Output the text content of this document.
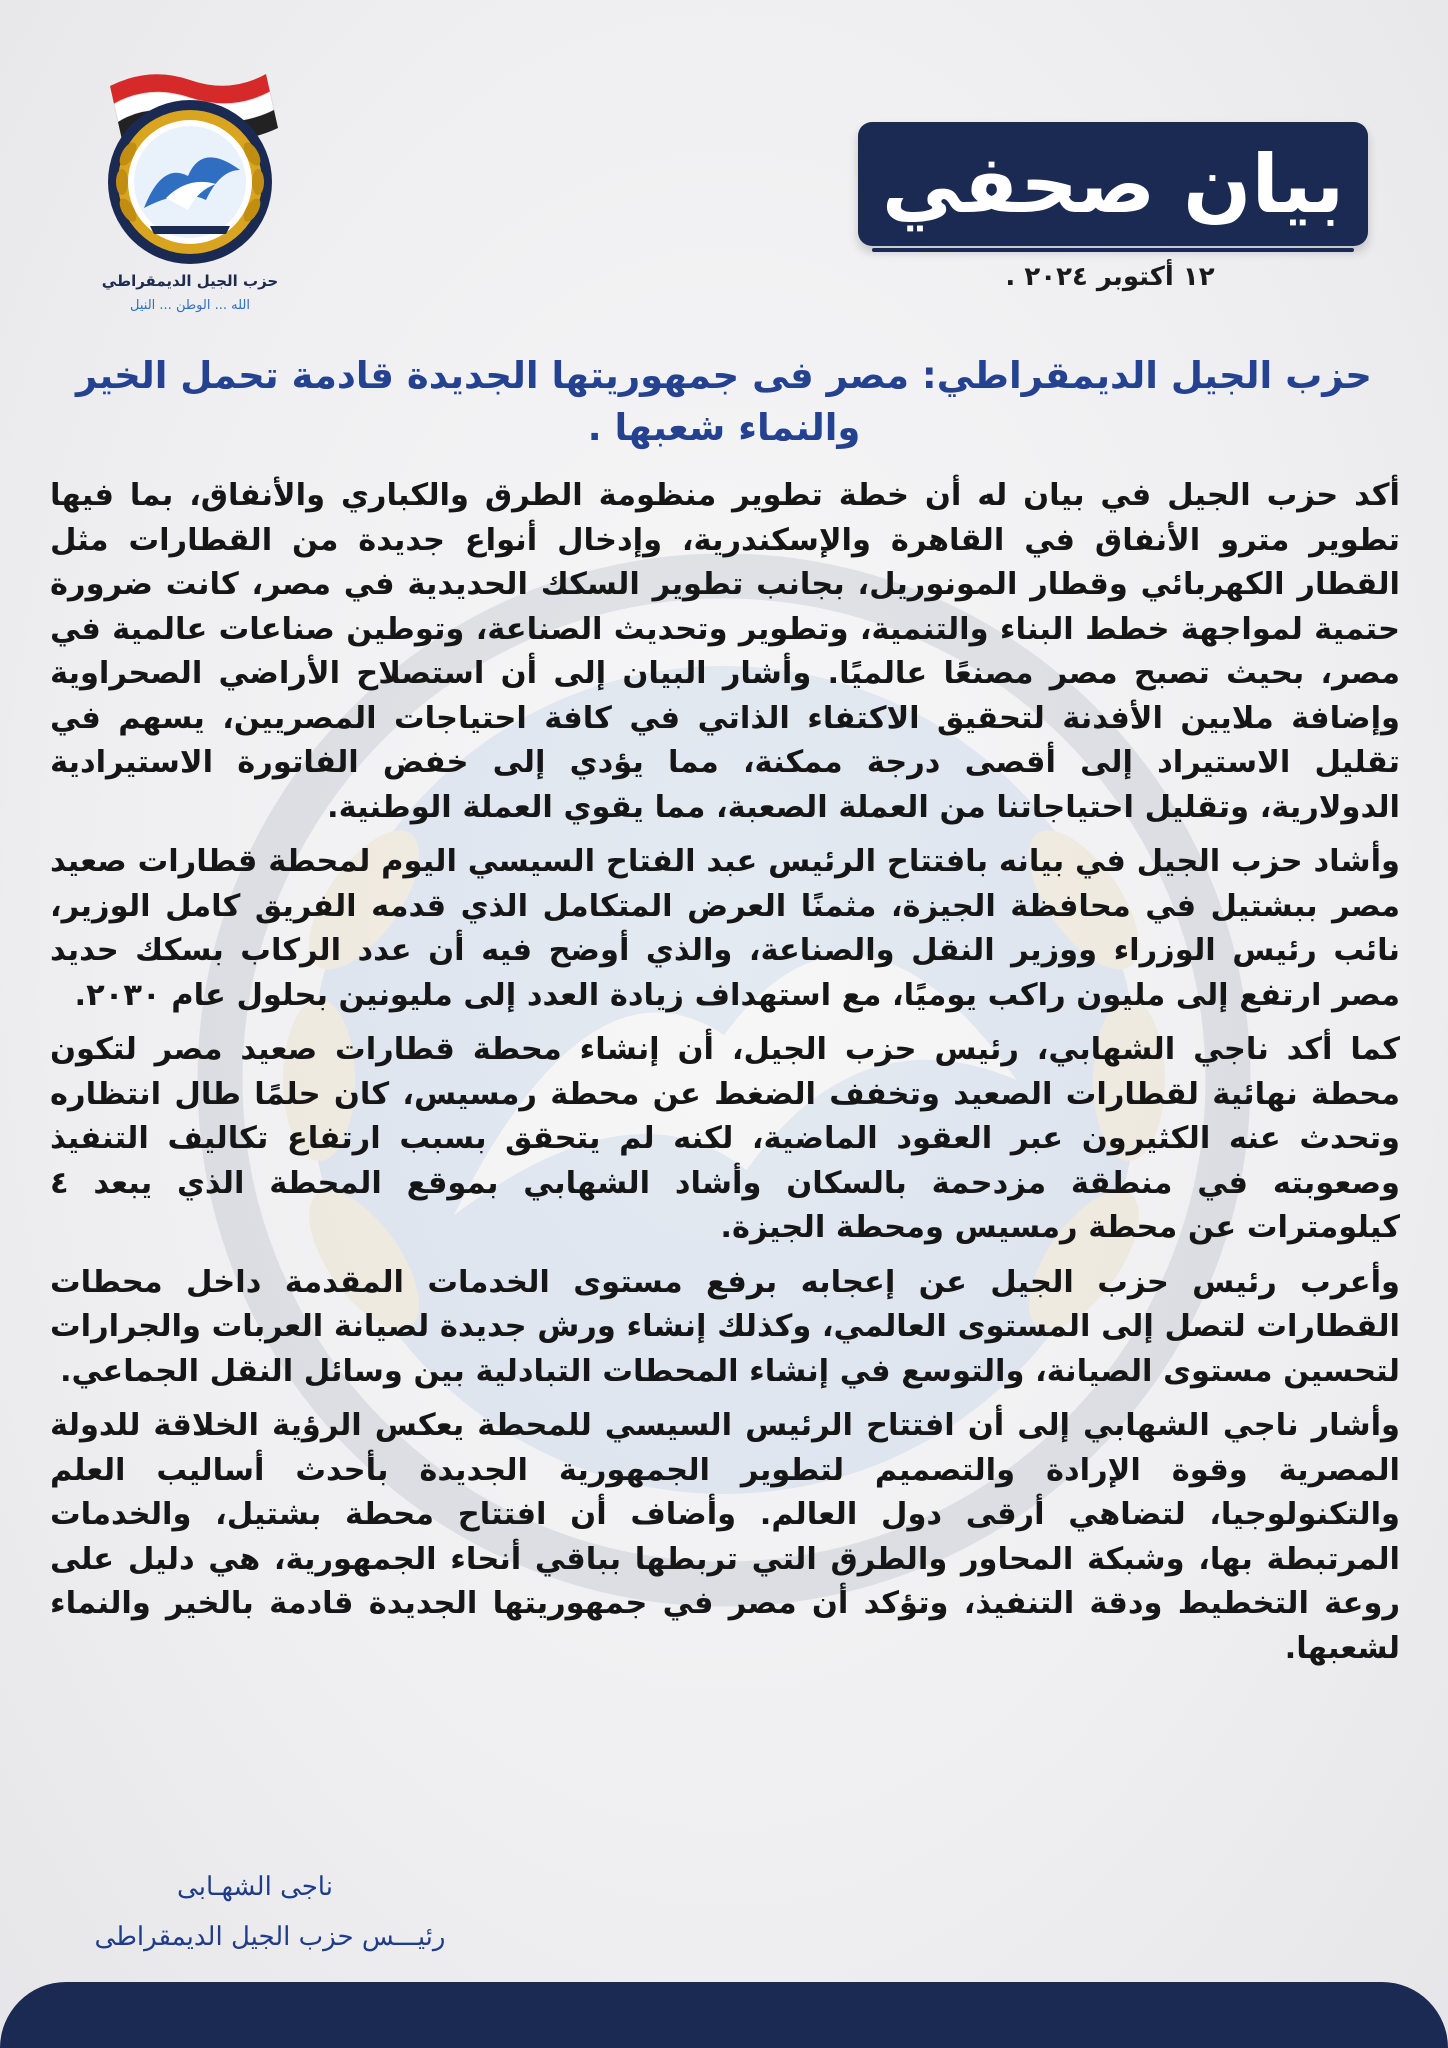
حزب الجيل الديمقراطي
الله ... الوطن ... النيل
بيان صحفي
١٢ أكتوبر ٢٠٢٤ .
حزب الجيل الديمقراطي: مصر فى جمهوريتها الجديدة قادمة تحمل الخير والنماء شعبها .

أكد حزب الجيل في بيان له أن خطة تطوير منظومة الطرق والكباري والأنفاق، بما فيها تطوير مترو الأنفاق في القاهرة والإسكندرية، وإدخال أنواع جديدة من القطارات مثل القطار الكهربائي وقطار المونوريل، بجانب تطوير السكك الحديدية في مصر، كانت ضرورة حتمية لمواجهة خطط البناء والتنمية، وتطوير وتحديث الصناعة، وتوطين صناعات عالمية في مصر، بحيث تصبح مصر مصنعًا عالميًا. وأشار البيان إلى أن استصلاح الأراضي الصحراوية وإضافة ملايين الأفدنة لتحقيق الاكتفاء الذاتي في كافة احتياجات المصريين، يسهم في تقليل الاستيراد إلى أقصى درجة ممكنة، مما يؤدي إلى خفض الفاتورة الاستيرادية الدولارية، وتقليل احتياجاتنا من العملة الصعبة، مما يقوي العملة الوطنية.

وأشاد حزب الجيل في بيانه بافتتاح الرئيس عبد الفتاح السيسي اليوم لمحطة قطارات صعيد مصر ببشتيل في محافظة الجيزة، مثمنًا العرض المتكامل الذي قدمه الفريق كامل الوزير، نائب رئيس الوزراء ووزير النقل والصناعة، والذي أوضح فيه أن عدد الركاب بسكك حديد مصر ارتفع إلى مليون راكب يوميًا، مع استهداف زيادة العدد إلى مليونين بحلول عام ٢٠٣٠.

كما أكد ناجي الشهابي، رئيس حزب الجيل، أن إنشاء محطة قطارات صعيد مصر لتكون محطة نهائية لقطارات الصعيد وتخفف الضغط عن محطة رمسيس، كان حلمًا طال انتظاره وتحدث عنه الكثيرون عبر العقود الماضية، لكنه لم يتحقق بسبب ارتفاع تكاليف التنفيذ وصعوبته في منطقة مزدحمة بالسكان وأشاد الشهابي بموقع المحطة الذي يبعد ٤ كيلومترات عن محطة رمسيس ومحطة الجيزة.

وأعرب رئيس حزب الجيل عن إعجابه برفع مستوى الخدمات المقدمة داخل محطات القطارات لتصل إلى المستوى العالمي، وكذلك إنشاء ورش جديدة لصيانة العربات والجرارات لتحسين مستوى الصيانة، والتوسع في إنشاء المحطات التبادلية بين وسائل النقل الجماعي.

وأشار ناجي الشهابي إلى أن افتتاح الرئيس السيسي للمحطة يعكس الرؤية الخلاقة للدولة المصرية وقوة الإرادة والتصميم لتطوير الجمهورية الجديدة بأحدث أساليب العلم والتكنولوجيا، لتضاهي أرقى دول العالم. وأضاف أن افتتاح محطة بشتيل، والخدمات المرتبطة بها، وشبكة المحاور والطرق التي تربطها بباقي أنحاء الجمهورية، هي دليل على روعة التخطيط ودقة التنفيذ، وتؤكد أن مصر في جمهوريتها الجديدة قادمة بالخير والنماء لشعبها.

ناجى الشهـابى
رئيـــس حزب الجيل الديمقراطى
